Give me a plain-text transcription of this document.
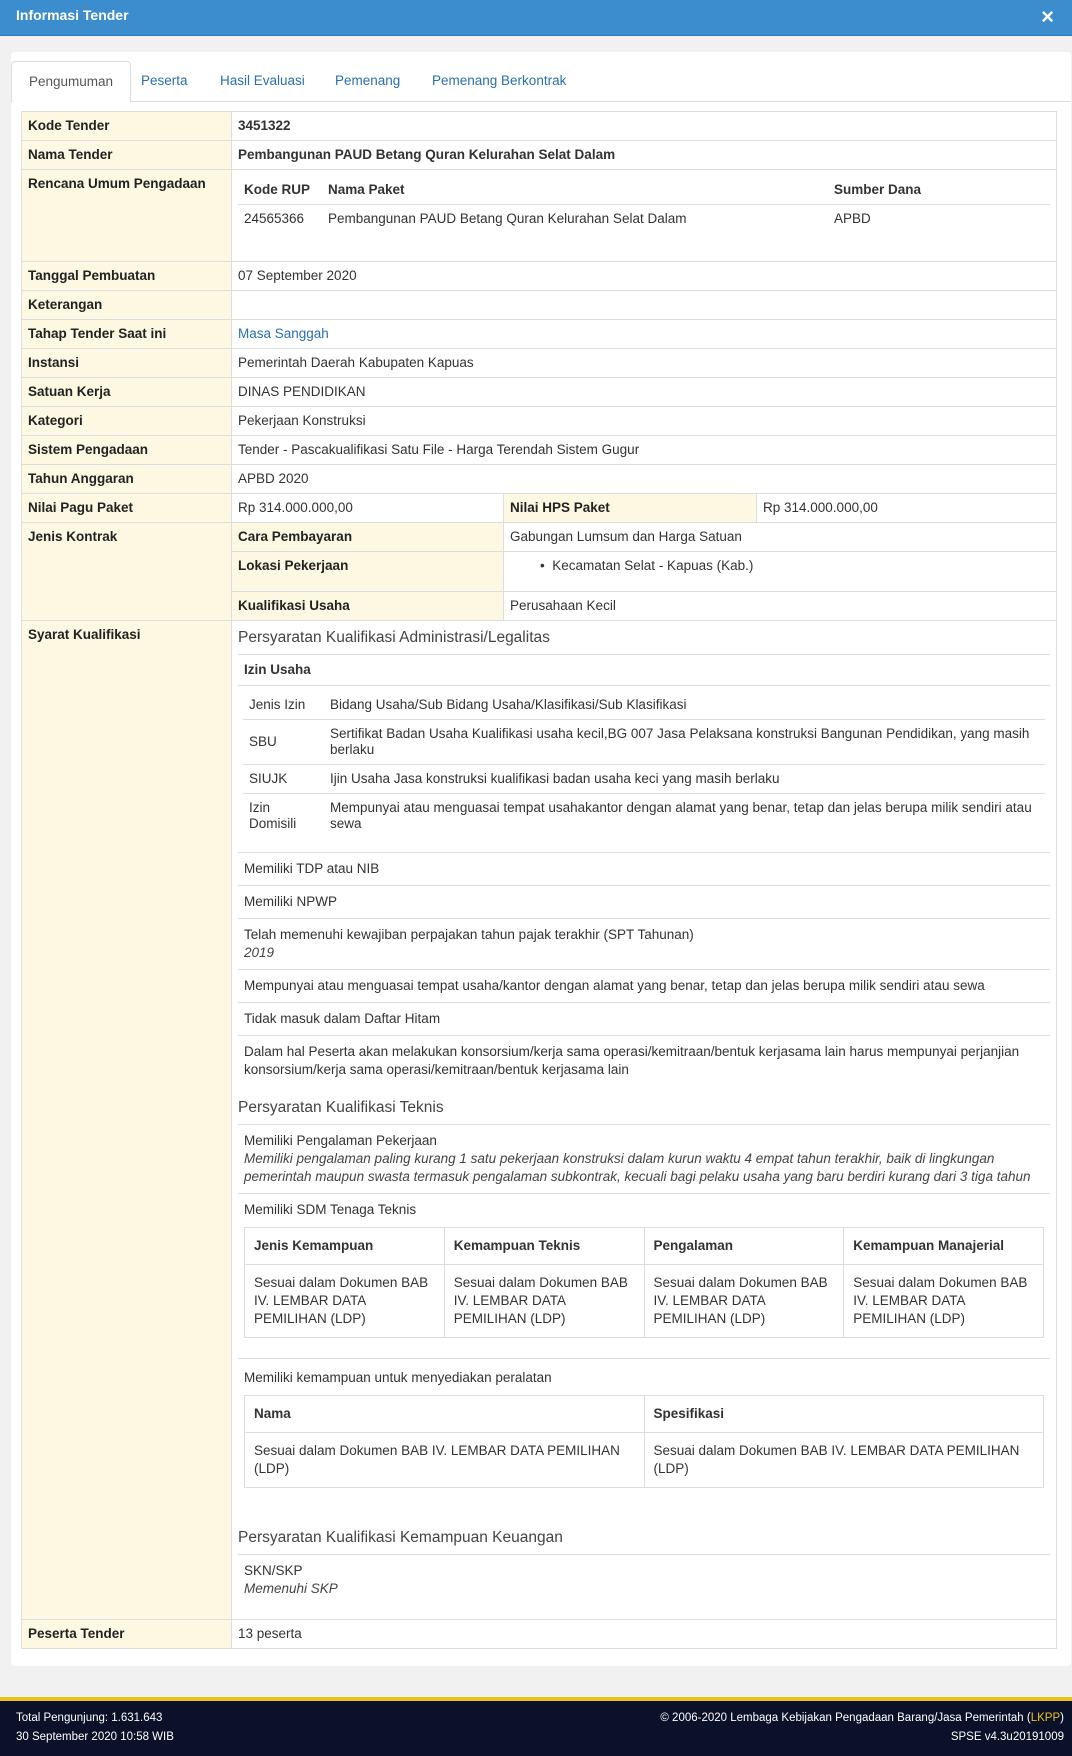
Informasi Tender	×
Pengumuman	Peserta	Hasil Evaluasi	Pemenang	Pemenang Berkontrak
Kode Tender	3451322
Nama Tender	Pembangunan PAUD Betang Quran Kelurahan Selat Dalam
Rencana Umum Pengadaan		Kode RUP	Nama Paket	Sumber Dana
24565366	Pembangunan PAUD Betang Quran Kelurahan Selat Dalam	APBD

Tanggal Pembuatan	07 September 2020
Keterangan	
Tahap Tender Saat ini	Masa Sanggah
Instansi	Pemerintah Daerah Kabupaten Kapuas
Satuan Kerja	DINAS PENDIDIKAN
Kategori	Pekerjaan Konstruksi
Sistem Pengadaan	Tender - Pascakualifikasi Satu File - Harga Terendah Sistem Gugur
Tahun Anggaran	APBD 2020
Nilai Pagu Paket	Rp 314.000.000,00	Nilai HPS Paket	Rp 314.000.000,00
Jenis Kontrak	Cara Pembayaran	Gabungan Lumsum dan Harga Satuan
Lokasi Pekerjaan	• Kecamatan Selat - Kapuas (Kab.)
Kualifikasi Usaha	Perusahaan Kecil
Syarat Kualifikasi	Persyaratan Kualifikasi Administrasi/Legalitas
Izin Usaha
Jenis Izin	Bidang Usaha/Sub Bidang Usaha/Klasifikasi/Sub Klasifikasi
SBU	Sertifikat Badan Usaha Kualifikasi usaha kecil,BG 007 Jasa Pelaksana konstruksi Bangunan Pendidikan, yang masih berlaku
SIUJK	Ijin Usaha Jasa konstruksi kualifikasi badan usaha keci yang masih berlaku
Izin Domisili	Mempunyai atau menguasai tempat usahakantor dengan alamat yang benar, tetap dan jelas berupa milik sendiri atau sewa
Memiliki TDP atau NIB
Memiliki NPWP
Telah memenuhi kewajiban perpajakan tahun pajak terakhir (SPT Tahunan)
2019
Mempunyai atau menguasai tempat usaha/kantor dengan alamat yang benar, tetap dan jelas berupa milik sendiri atau sewa
Tidak masuk dalam Daftar Hitam
Dalam hal Peserta akan melakukan konsorsium/kerja sama operasi/kemitraan/bentuk kerjasama lain harus mempunyai perjanjian konsorsium/kerja sama operasi/kemitraan/bentuk kerjasama lain
Persyaratan Kualifikasi Teknis
Memiliki Pengalaman Pekerjaan
Memiliki pengalaman paling kurang 1 satu pekerjaan konstruksi dalam kurun waktu 4 empat tahun terakhir, baik di lingkungan pemerintah maupun swasta termasuk pengalaman subkontrak, kecuali bagi pelaku usaha yang baru berdiri kurang dari 3 tiga tahun
Memiliki SDM Tenaga Teknis
Jenis Kemampuan	Kemampuan Teknis	Pengalaman	Kemampuan Manajerial
Sesuai dalam Dokumen BAB IV. LEMBAR DATA PEMILIHAN (LDP)	Sesuai dalam Dokumen BAB IV. LEMBAR DATA PEMILIHAN (LDP)	Sesuai dalam Dokumen BAB IV. LEMBAR DATA PEMILIHAN (LDP)	Sesuai dalam Dokumen BAB IV. LEMBAR DATA PEMILIHAN (LDP)
Memiliki kemampuan untuk menyediakan peralatan
Nama	Spesifikasi
Sesuai dalam Dokumen BAB IV. LEMBAR DATA PEMILIHAN (LDP)	Sesuai dalam Dokumen BAB IV. LEMBAR DATA PEMILIHAN (LDP)
Persyaratan Kualifikasi Kemampuan Keuangan
SKN/SKP
Memenuhi SKP

Peserta Tender	13 peserta
Total Pengunjung: 1.631.643
30 September 2020 10:58 WIB
© 2006-2020 Lembaga Kebijakan Pengadaan Barang/Jasa Pemerintah (LKPP)
SPSE v4.3u20191009
